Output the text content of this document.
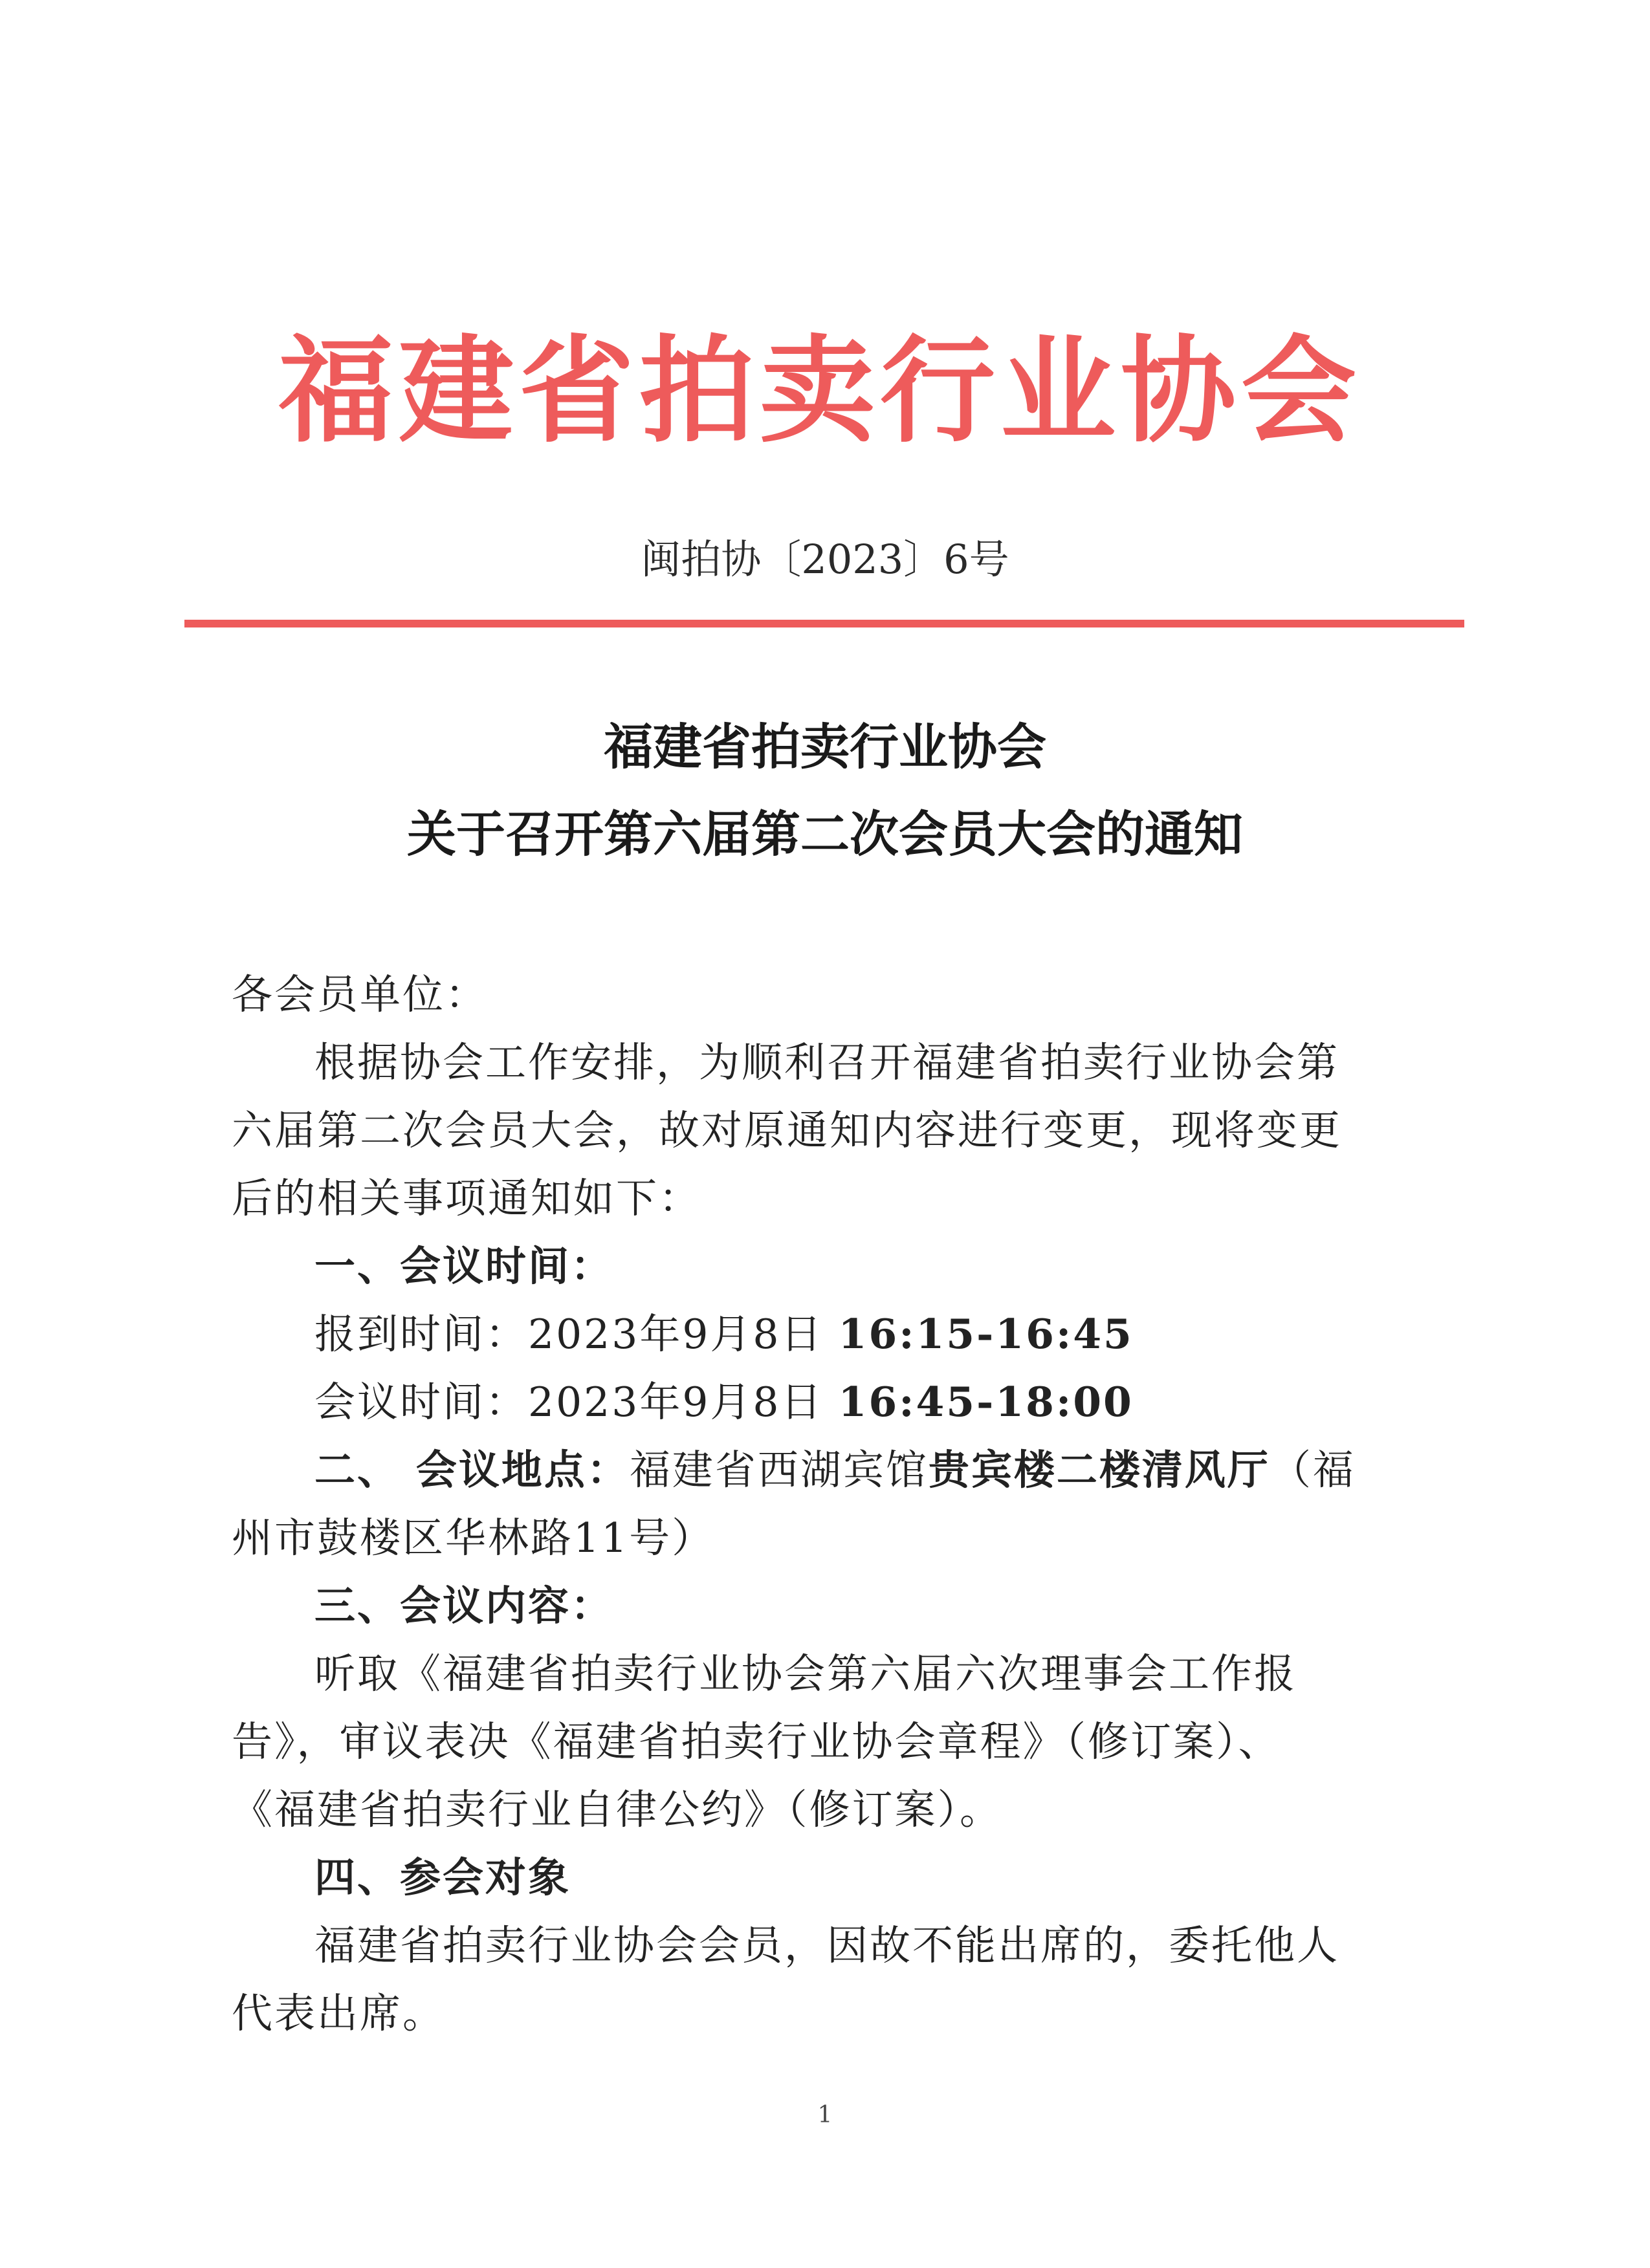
福建省拍卖行业协会
闽拍协〔2023〕6号
福建省拍卖行业协会
关于召开第六届第二次会员大会的通知
各会员单位：
根据协会工作安排，为顺利召开福建省拍卖行业协会第
六届第二次会员大会，故对原通知内容进行变更，现将变更
后的相关事项通知如下：
一、会议时间：
报到时间：2023年9月8日 16:15-16:45
会议时间：2023年9月8日 16:45-18:00
二、 会议地点：福建省西湖宾馆贵宾楼二楼清风厅（福
州市鼓楼区华林路11号）
三、会议内容：
听取《福建省拍卖行业协会第六届六次理事会工作报
告》，审议表决《福建省拍卖行业协会章程》（修订案）、
《福建省拍卖行业自律公约》（修订案）。
四、参会对象
福建省拍卖行业协会会员，因故不能出席的，委托他人
代表出席。
1
